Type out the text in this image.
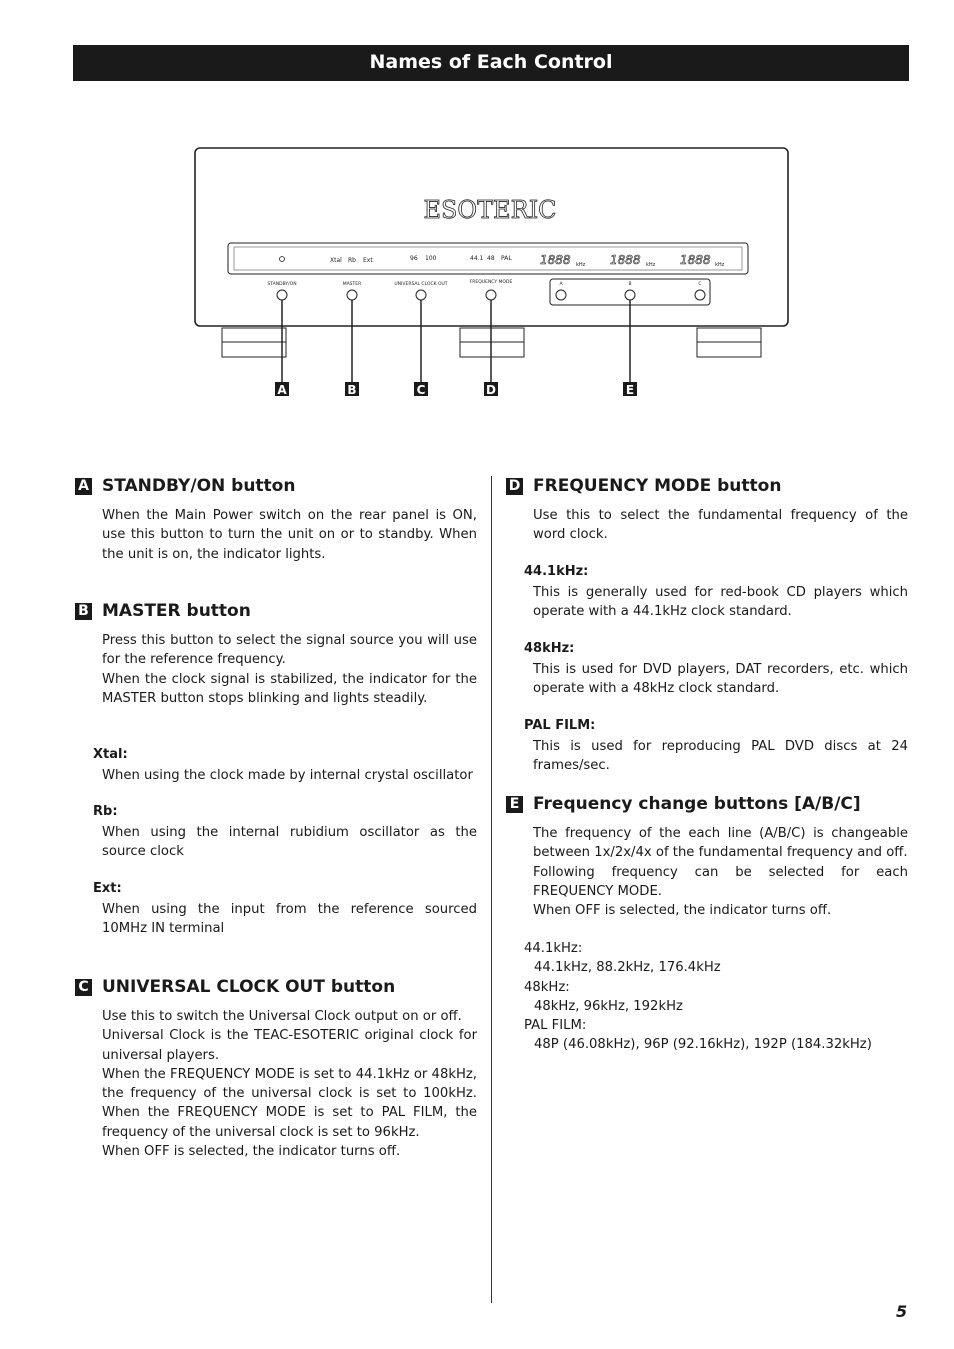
Names of Each Control
ESOTERIC
Xtal Rb Ext	96 100	44.1 48 PAL 1888	1888	1888
kHz	kHz	kHz
STANDBY/ON	MASTER	UNIVERSAL CLOCK OUT	FREQUENCY MODE	A	B	C
A	B	C	D	E
A STANDBY/ON button

When the Main Power switch on the rear panel is ON, use this button to turn the unit on or to standby. When the unit is on, the indicator lights.

B MASTER button

Press this button to select the signal source you will use for the reference frequency.

When the clock signal is stabilized, the indicator for the MASTER button stops blinking and lights steadily.

Xtal:
When using the clock made by internal crystal oscillator
Rb:
When using the internal rubidium oscillator as the source clock
Ext:
When using the input from the reference sourced 10MHz IN terminal
C UNIVERSAL CLOCK OUT button

Use this to switch the Universal Clock output on or off.

Universal Clock is the TEAC-ESOTERIC original clock for universal players.

When the FREQUENCY MODE is set to 44.1kHz or 48kHz, the frequency of the universal clock is set to 100kHz. When the FREQUENCY MODE is set to PAL FILM, the frequency of the universal clock is set to 96kHz.

When OFF is selected, the indicator turns off.

D FREQUENCY MODE button
Use this to select the fundamental frequency of the word clock.
44.1kHz:
This is generally used for red-book CD players which operate with a 44.1kHz clock standard.
48kHz:
This is used for DVD players, DAT recorders, etc. which operate with a 48kHz clock standard.
PAL FILM:
This is used for reproducing PAL DVD discs at 24 frames/sec.
E Frequency change buttons [A/B/C]

The frequency of the each line (A/B/C) is changeable between 1x/2x/4x of the fundamental frequency and off.

Following frequency can be selected for each FREQUENCY MODE.

When OFF is selected, the indicator turns off.

44.1kHz:
44.1kHz, 88.2kHz, 176.4kHz
48kHz:
48kHz, 96kHz, 192kHz
PAL FILM:
48P (46.08kHz), 96P (92.16kHz), 192P (184.32kHz)
5
